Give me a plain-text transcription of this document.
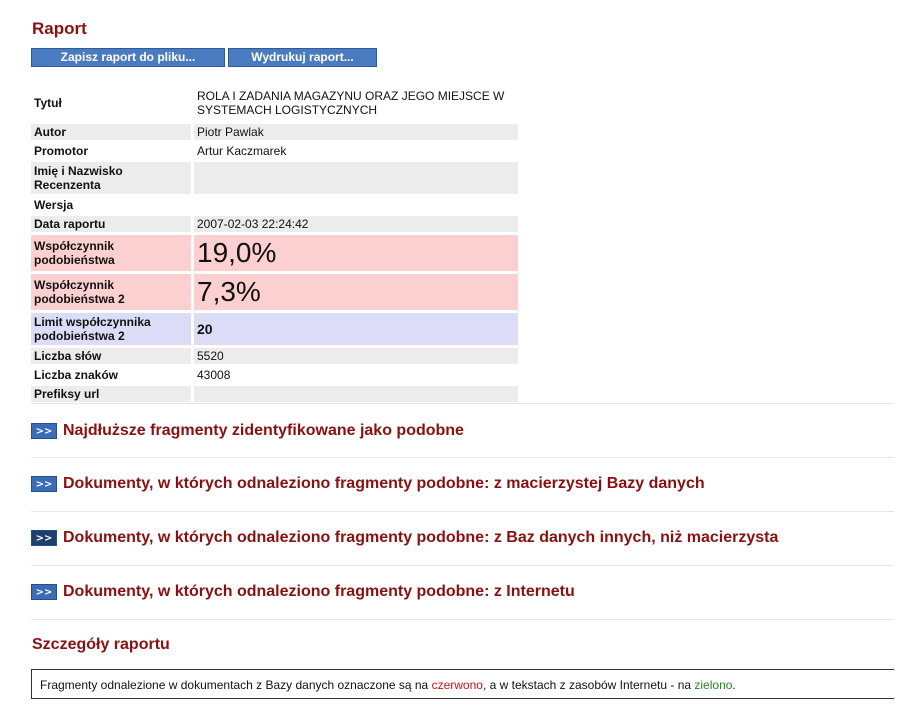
Raport
Zapisz raport do pliku...	Wydrukuj raport...
Tytuł	ROLA I ZADANIA MAGAZYNU ORAZ JEGO MIEJSCE W SYSTEMACH LOGISTYCZNYCH
Autor	Piotr Pawlak
Promotor	Artur Kaczmarek
Imię i Nazwisko Recenzenta	
Wersja	
Data raportu	2007-02-03 22:24:42
Współczynnik podobieństwa	19,0%
Współczynnik podobieństwa 2	7,3%
Limit współczynnika podobieństwa 2	20
Liczba słów	5520
Liczba znaków	43008
Prefiksy url	
>> Najdłuższe fragmenty zidentyfikowane jako podobne
>> Dokumenty, w których odnaleziono fragmenty podobne: z macierzystej Bazy danych
>> Dokumenty, w których odnaleziono fragmenty podobne: z Baz danych innych, niż macierzysta
>> Dokumenty, w których odnaleziono fragmenty podobne: z Internetu
Szczegóły raportu
Fragmenty odnalezione w dokumentach z Bazy danych oznaczone są na czerwono, a w tekstach z zasobów Internetu - na zielono.
